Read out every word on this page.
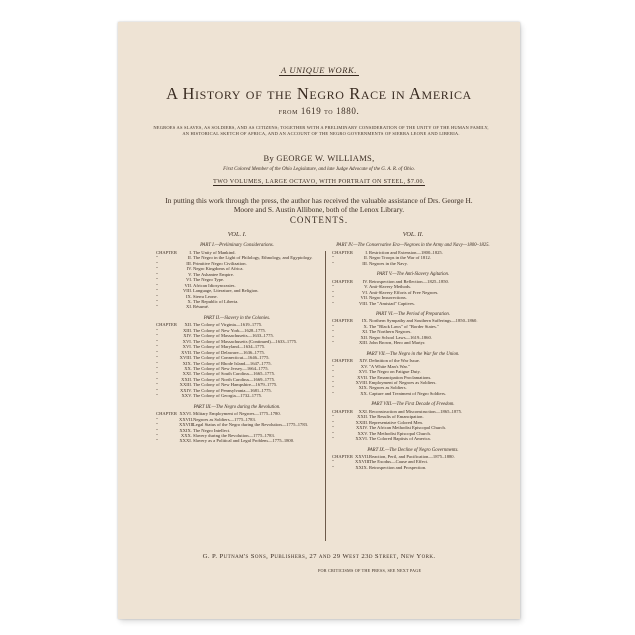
A UNIQUE WORK.
A History of the Negro Race in America
from 1619 to 1880.
NEGROES AS SLAVES, AS SOLDIERS, AND AS CITIZENS; TOGETHER WITH A PRELIMINARY CONSIDERATION OF THE UNITY OF THE HUMAN FAMILY, AN HISTORICAL SKETCH OF AFRICA, AND AN ACCOUNT OF THE NEGRO GOVERNMENTS OF SIERRA LEONE AND LIBERIA.
By GEORGE W. WILLIAMS,
First Colored Member of the Ohio Legislature, and late Judge Advocate of the G. A. R. of Ohio.
TWO VOLUMES, LARGE OCTAVO, WITH PORTRAIT ON STEEL, $7.00.
In putting this work through the press, the author has received the valuable assistance of Drs. George H. Moore and S. Austin Allibone, both of the Lenox Library.
CONTENTS.
VOL. I.
PART I.—Preliminary Considerations.
CHAPTER	I. The Unity of Mankind.
"	II. The Negro in the Light of Philology, Ethnology, and Egyptology.
"	III. Primitive Negro Civilization.
"	IV. Negro Kingdoms of Africa.
"	V. The Ashantee Empire.
"	VI. The Negro Type.
"	VII. African Idiosyncrasies.
"	VIII. Language, Literature, and Religion.
"	IX. Sierra Leone.
"	X. The Republic of Liberia.
"	XI. Résumé.
PART II.—Slavery in the Colonies.
CHAPTER	XII. The Colony of Virginia—1619–1775.
"	XIII. The Colony of New York—1628–1775.
"	XIV. The Colony of Massachusetts—1633–1775.
"	XVI. The Colony of Massachusetts (Continued)—1633–1775.
"	XVI. The Colony of Maryland—1634–1775.
"	XVII. The Colony of Delaware—1636–1775.
"	XVIII. The Colony of Connecticut—1646–1775.
"	XIX. The Colony of Rhode Island—1647–1775.
"	XX. The Colony of New Jersey—1664–1775.
"	XXI. The Colony of South Carolina—1665–1775.
"	XXII. The Colony of North Carolina—1669–1775.
"	XXIII. The Colony of New Hampshire—1679–1775.
"	XXIV. The Colony of Pennsylvania—1681–1775.
"	XXV. The Colony of Georgia—1732–1775.
PART III.—The Negro during the Revolution.
CHAPTER XXVI. Military Employment of Negroes—1775–1780.
"	XXVII. Negroes as Soldiers—1775–1783.
"	XXVIII.
Legal Status of the Negro during the Revolution—1775–1783.
"	XXIX. The Negro Intellect.
"	XXX. Slavery during the Revolution—1775–1783.
"	XXXI. Slavery as a Political and Legal Problem—1775–1800.
VOL. II.
PART IV.—The Conservative Era—Negroes in the Army and Navy—1800–1825.
CHAPTER	I. Restriction and Extension—1800–1825.
"	II. Negro Troops in the War of 1812.
"	III. Negroes in the Navy.
PART V.—The Anti-Slavery Agitation.
CHAPTER	IV. Retrospection and Reflection—1825–1850.
"	V. Anti-Slavery Methods.
"	VI. Anti-Slavery Efforts of Free Negroes.
"	VII. Negro Insurrections.
"	VIII. The "Amistad" Captives.
PART VI.—The Period of Preparation.
CHAPTER	IX. Northern Sympathy and Southern Sufferings—1850–1860.
"	X. The "Black Laws" of "Border States."
"	XI. The Northern Negroes.
"	XII. Negro School Laws—1619–1860.
"	XIII. John Brown, Hero and Martyr.
PART VII.—The Negro in the War for the Union.
CHAPTER	XIV. Definition of the War Issue.
"	XV. "A White Man's War."
"	XVI. The Negro on Fatigue Duty.
"	XVII. The Emancipation Proclamations.
"	XVIII. Employment of Negroes as Soldiers.
"	XIX. Negroes as Soldiers.
"	XX. Capture and Treatment of Negro Soldiers.
PART VIII.—The First Decade of Freedom.
CHAPTER	XXI. Reconstruction and Misconstruction—1865–1875.
"	XXII. The Results of Emancipation.
"	XXIII. Representative Colored Men.
"	XXIV. The African Methodist Episcopal Church.
"	XXV. The Methodist Episcopal Church.
"	XXVI. The Colored Baptists of America.
PART IX.—The Decline of Negro Governments.
CHAPTER XXVII. Reaction, Peril, and Pacification—1875–1880.
"	XXVIII.
The Exodus—Cause and Effect.
"	XXIX. Retrospection and Prospection.
G. P. Putnam's Sons, Publishers, 27 and 29 West 23d Street, New York.
FOR CRITICISMS OF THE PRESS, SEE NEXT PAGE
